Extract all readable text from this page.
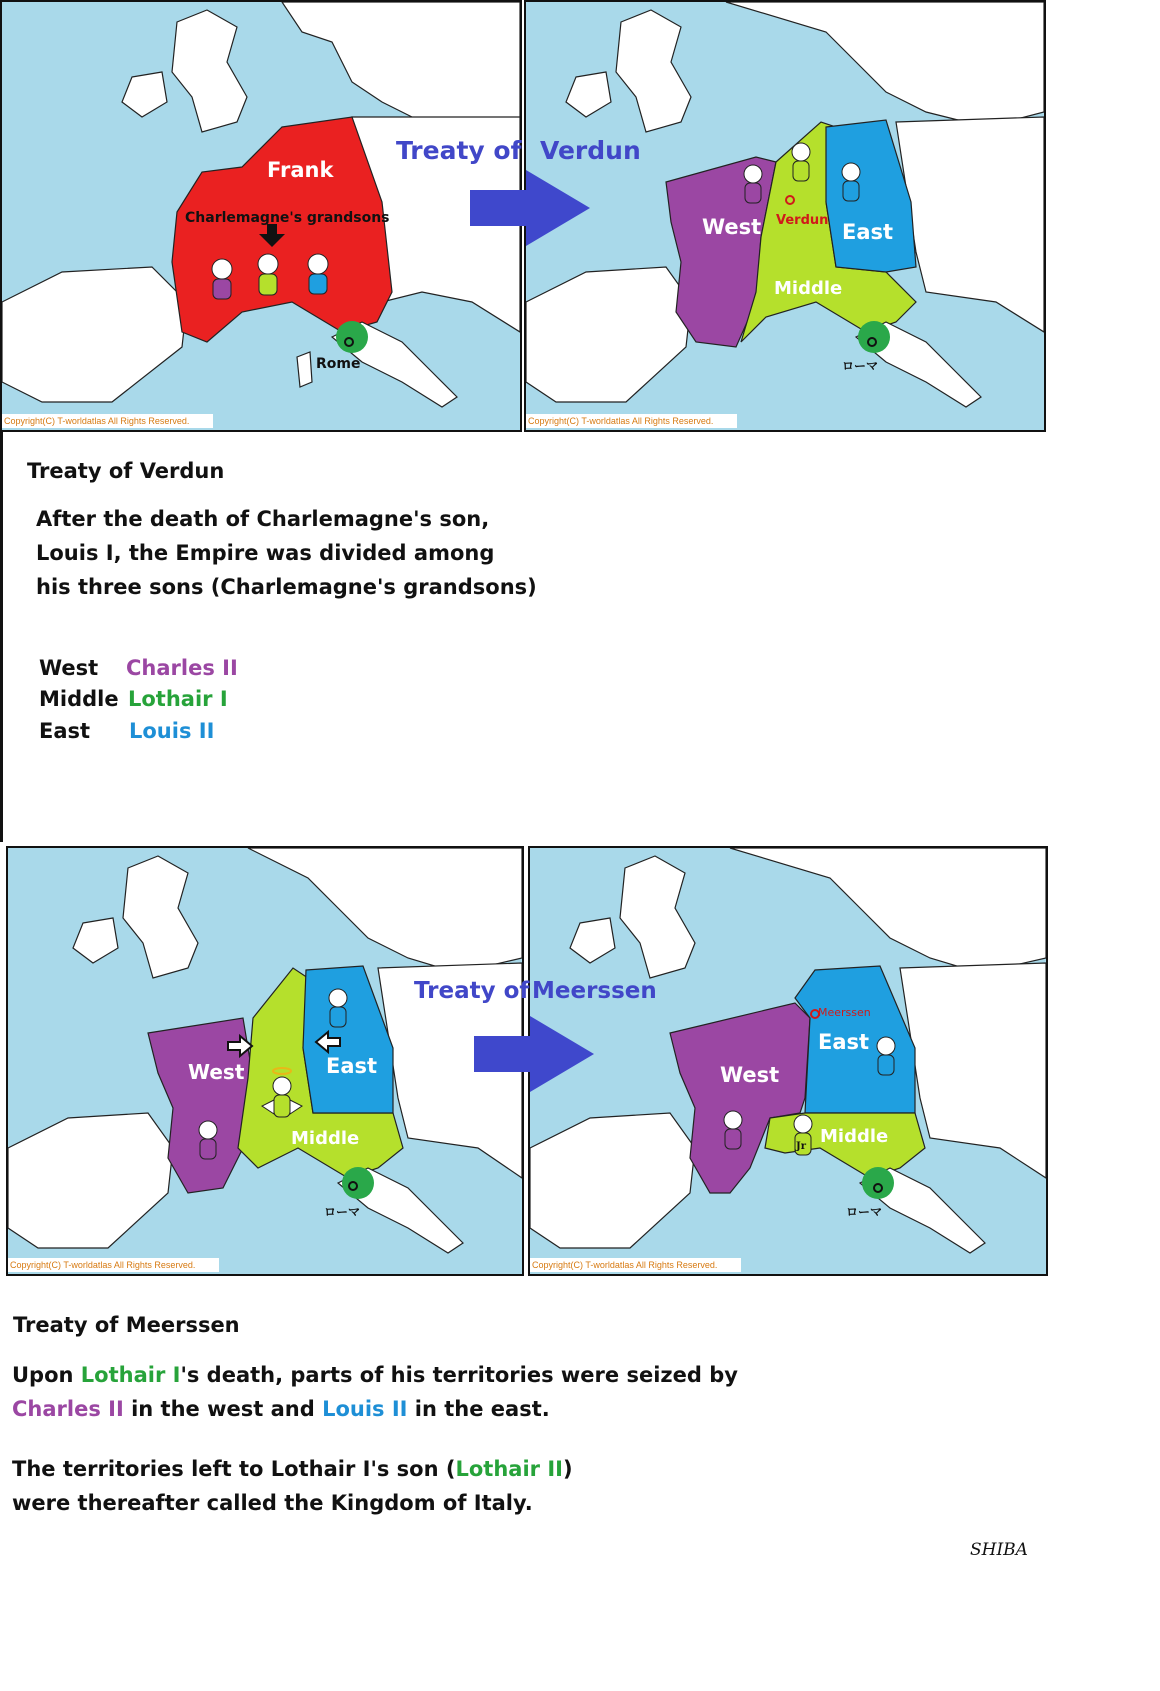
Frank
Charlemagne's grandsons
Rome
Copyright(C) T-worldatlas All Rights Reserved.
West	East
Middle
Verdun
ローマ
Copyright(C) T-worldatlas All Rights Reserved.
Treaty of Verdun
Treaty of Verdun
After the death of Charlemagne's son,
Louis I, the Empire was divided among
his three sons (Charlemagne's grandsons)
West Charles II
Middle Lothair I
East Louis II
West	East
Middle
ローマ
Copyright(C) T-worldatlas All Rights Reserved.
West
East
Middle
Meerssen
ローマ
Jr
Copyright(C) T-worldatlas All Rights Reserved.
Treaty of Meerssen
Treaty of Meerssen
Upon Lothair I's death, parts of his territories were seized by
Charles II in the west and Louis II in the east.
The territories left to Lothair I's son (Lothair II)
were thereafter called the Kingdom of Italy.
SHIBA
